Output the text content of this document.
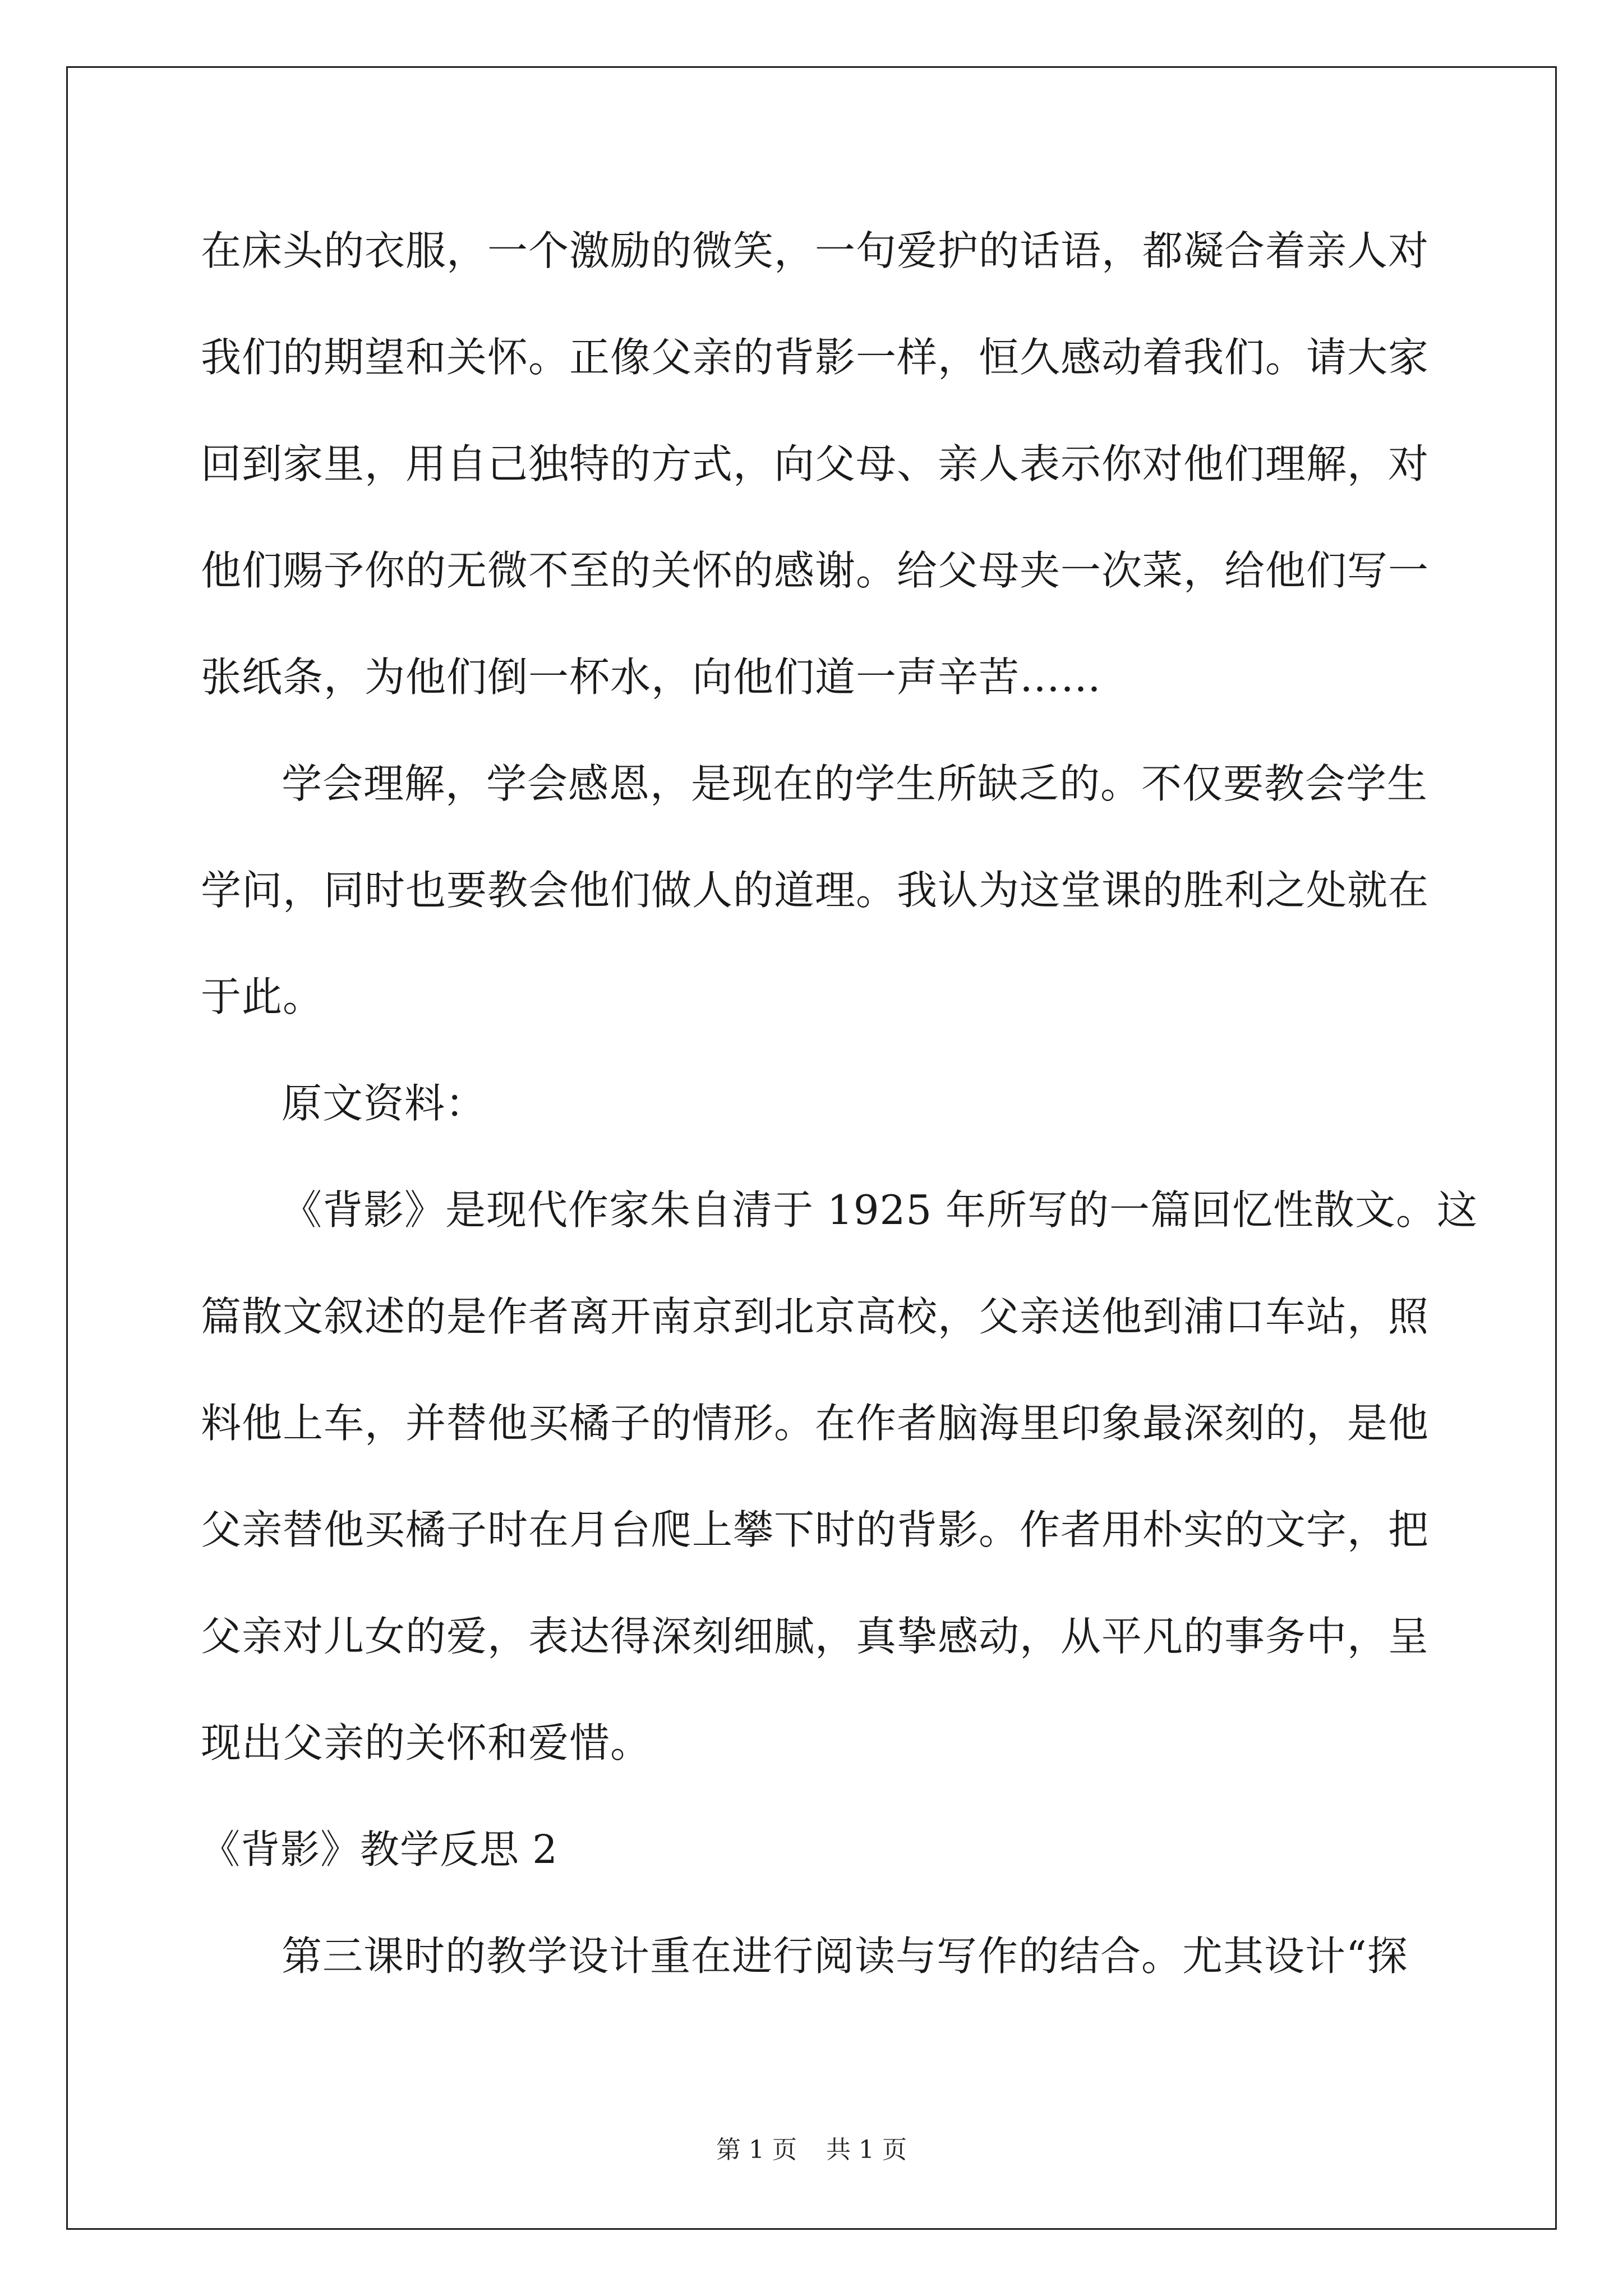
在床头的衣服，一个激励的微笑，一句爱护的话语，都凝合着亲人对
我们的期望和关怀。正像父亲的背影一样，恒久感动着我们。请大家
回到家里，用自己独特的方式，向父母、亲人表示你对他们理解，对
他们赐予你的无微不至的关怀的感谢。给父母夹一次菜，给他们写一
张纸条，为他们倒一杯水，向他们道一声辛苦……
学会理解，学会感恩，是现在的学生所缺乏的。不仅要教会学生
学问，同时也要教会他们做人的道理。我认为这堂课的胜利之处就在
于此。
原文资料：
《背影》是现代作家朱自清于 1925 年所写的一篇回忆性散文。这
篇散文叙述的是作者离开南京到北京高校，父亲送他到浦口车站，照
料他上车，并替他买橘子的情形。在作者脑海里印象最深刻的，是他
父亲替他买橘子时在月台爬上攀下时的背影。作者用朴实的文字，把
父亲对儿女的爱，表达得深刻细腻，真挚感动，从平凡的事务中，呈
现出父亲的关怀和爱惜。
《背影》教学反思 2
第三课时的教学设计重在进行阅读与写作的结合。尤其设计“探
第 1 页 共 1 页
